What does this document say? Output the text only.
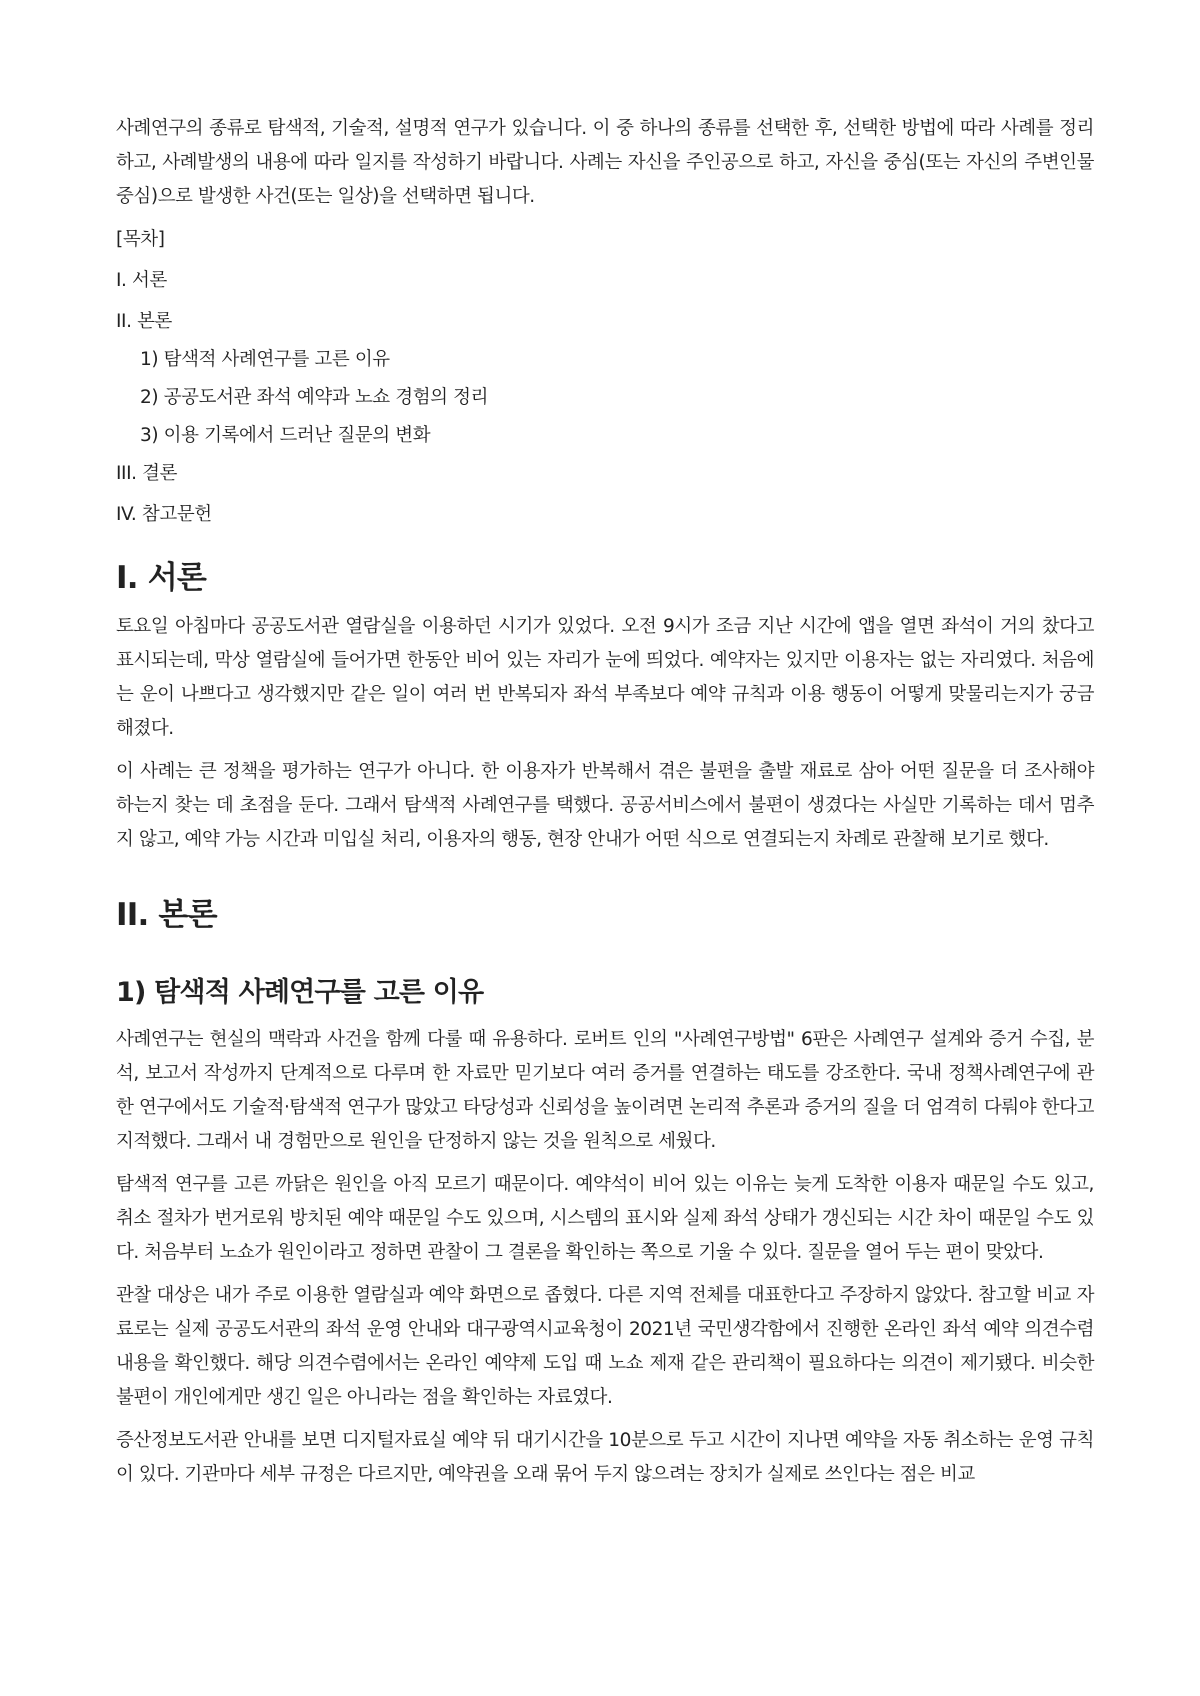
사례연구의 종류로 탐색적, 기술적, 설명적 연구가 있습니다. 이 중 하나의 종류를 선택한 후, 선택한 방법에 따라 사례를 정리하고, 사례발생의 내용에 따라 일지를 작성하기 바랍니다. 사례는 자신을 주인공으로 하고, 자신을 중심(또는 자신의 주변인물 중심)으로 발생한 사건(또는 일상)을 선택하면 됩니다.

[목차]
I. 서론
II. 본론
1) 탐색적 사례연구를 고른 이유
2) 공공도서관 좌석 예약과 노쇼 경험의 정리
3) 이용 기록에서 드러난 질문의 변화
III. 결론
IV. 참고문헌
I. 서론

토요일 아침마다 공공도서관 열람실을 이용하던 시기가 있었다. 오전 9시가 조금 지난 시간에 앱을 열면 좌석이 거의 찼다고 표시되는데, 막상 열람실에 들어가면 한동안 비어 있는 자리가 눈에 띄었다. 예약자는 있지만 이용자는 없는 자리였다. 처음에는 운이 나쁘다고 생각했지만 같은 일이 여러 번 반복되자 좌석 부족보다 예약 규칙과 이용 행동이 어떻게 맞물리는지가 궁금해졌다.

이 사례는 큰 정책을 평가하는 연구가 아니다. 한 이용자가 반복해서 겪은 불편을 출발 재료로 삼아 어떤 질문을 더 조사해야 하는지 찾는 데 초점을 둔다. 그래서 탐색적 사례연구를 택했다. 공공서비스에서 불편이 생겼다는 사실만 기록하는 데서 멈추지 않고, 예약 가능 시간과 미입실 처리, 이용자의 행동, 현장 안내가 어떤 식으로 연결되는지 차례로 관찰해 보기로 했다.

II. 본론
1) 탐색적 사례연구를 고른 이유

사례연구는 현실의 맥락과 사건을 함께 다룰 때 유용하다. 로버트 인의 "사례연구방법" 6판은 사례연구 설계와 증거 수집, 분석, 보고서 작성까지 단계적으로 다루며 한 자료만 믿기보다 여러 증거를 연결하는 태도를 강조한다. 국내 정책사례연구에 관한 연구에서도 기술적·탐색적 연구가 많았고 타당성과 신뢰성을 높이려면 논리적 추론과 증거의 질을 더 엄격히 다뤄야 한다고 지적했다. 그래서 내 경험만으로 원인을 단정하지 않는 것을 원칙으로 세웠다.

탐색적 연구를 고른 까닭은 원인을 아직 모르기 때문이다. 예약석이 비어 있는 이유는 늦게 도착한 이용자 때문일 수도 있고, 취소 절차가 번거로워 방치된 예약 때문일 수도 있으며, 시스템의 표시와 실제 좌석 상태가 갱신되는 시간 차이 때문일 수도 있다. 처음부터 노쇼가 원인이라고 정하면 관찰이 그 결론을 확인하는 쪽으로 기울 수 있다. 질문을 열어 두는 편이 맞았다.

관찰 대상은 내가 주로 이용한 열람실과 예약 화면으로 좁혔다. 다른 지역 전체를 대표한다고 주장하지 않았다. 참고할 비교 자료로는 실제 공공도서관의 좌석 운영 안내와 대구광역시교육청이 2021년 국민생각함에서 진행한 온라인 좌석 예약 의견수렴 내용을 확인했다. 해당 의견수렴에서는 온라인 예약제 도입 때 노쇼 제재 같은 관리책이 필요하다는 의견이 제기됐다. 비슷한 불편이 개인에게만 생긴 일은 아니라는 점을 확인하는 자료였다.

증산정보도서관 안내를 보면 디지털자료실 예약 뒤 대기시간을 10분으로 두고 시간이 지나면 예약을 자동 취소하는 운영 규칙이 있다. 기관마다 세부 규정은 다르지만, 예약권을 오래 묶어 두지 않으려는 장치가 실제로 쓰인다는 점은 비교
